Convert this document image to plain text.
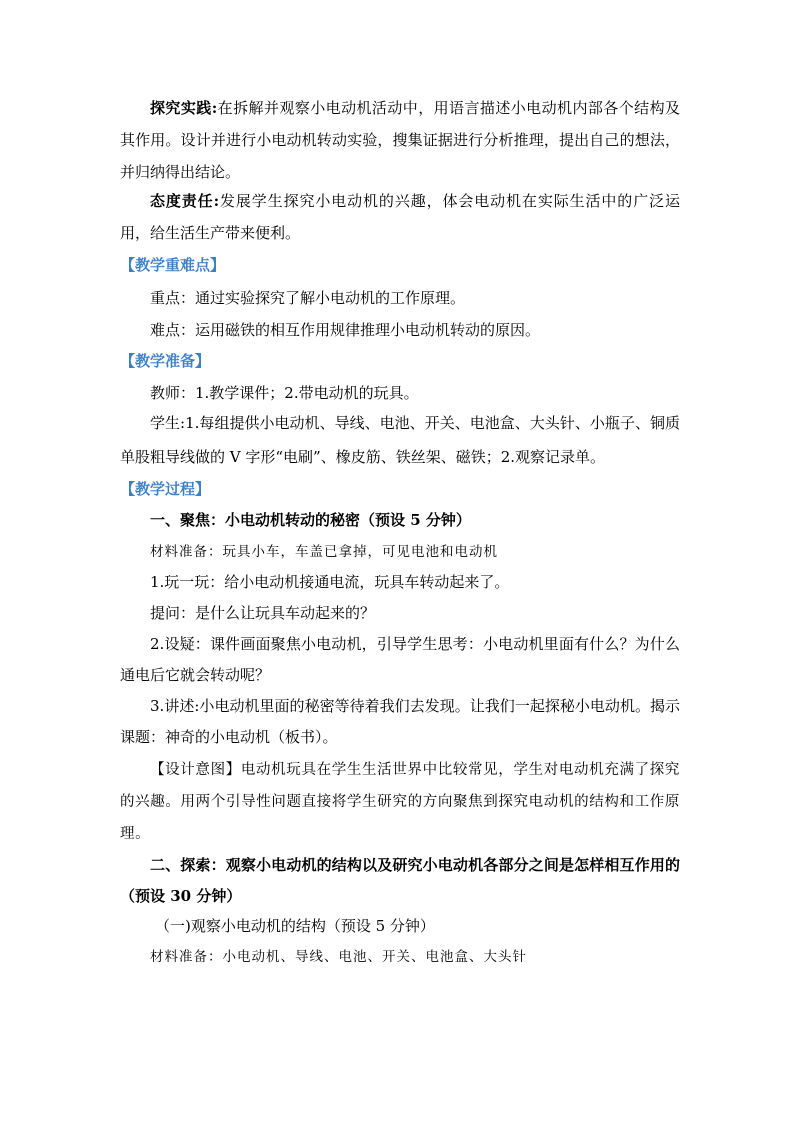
探究实践:在拆解并观察小电动机活动中，用语言描述小电动机内部各个结构及其作用。设计并进行小电动机转动实验，搜集证据进行分析推理，提出自己的想法，并归纳得出结论。
态度责任:发展学生探究小电动机的兴趣，体会电动机在实际生活中的广泛运用，给生活生产带来便利。
【教学重难点】
重点：通过实验探究了解小电动机的工作原理。
难点：运用磁铁的相互作用规律推理小电动机转动的原因。
【教学准备】
教师：1.教学课件；2.带电动机的玩具。
学生:1.每组提供小电动机、导线、电池、开关、电池盒、大头针、小瓶子、铜质单股粗导线做的 V 字形“电刷”、橡皮筋、铁丝架、磁铁；2.观察记录单。
【教学过程】
一、聚焦：小电动机转动的秘密（预设 5 分钟）
材料准备：玩具小车，车盖已拿掉，可见电池和电动机
1.玩一玩：给小电动机接通电流，玩具车转动起来了。
提问：是什么让玩具车动起来的？
2.设疑：课件画面聚焦小电动机，引导学生思考：小电动机里面有什么？为什么通电后它就会转动呢？
3.讲述:小电动机里面的秘密等待着我们去发现。让我们一起探秘小电动机。揭示课题：神奇的小电动机（板书）。
【设计意图】电动机玩具在学生生活世界中比较常见，学生对电动机充满了探究的兴趣。用两个引导性问题直接将学生研究的方向聚焦到探究电动机的结构和工作原理。
二、探索：观察小电动机的结构以及研究小电动机各部分之间是怎样相互作用的（预设 30 分钟）
（一)观察小电动机的结构（预设 5 分钟）
材料准备：小电动机、导线、电池、开关、电池盒、大头针
